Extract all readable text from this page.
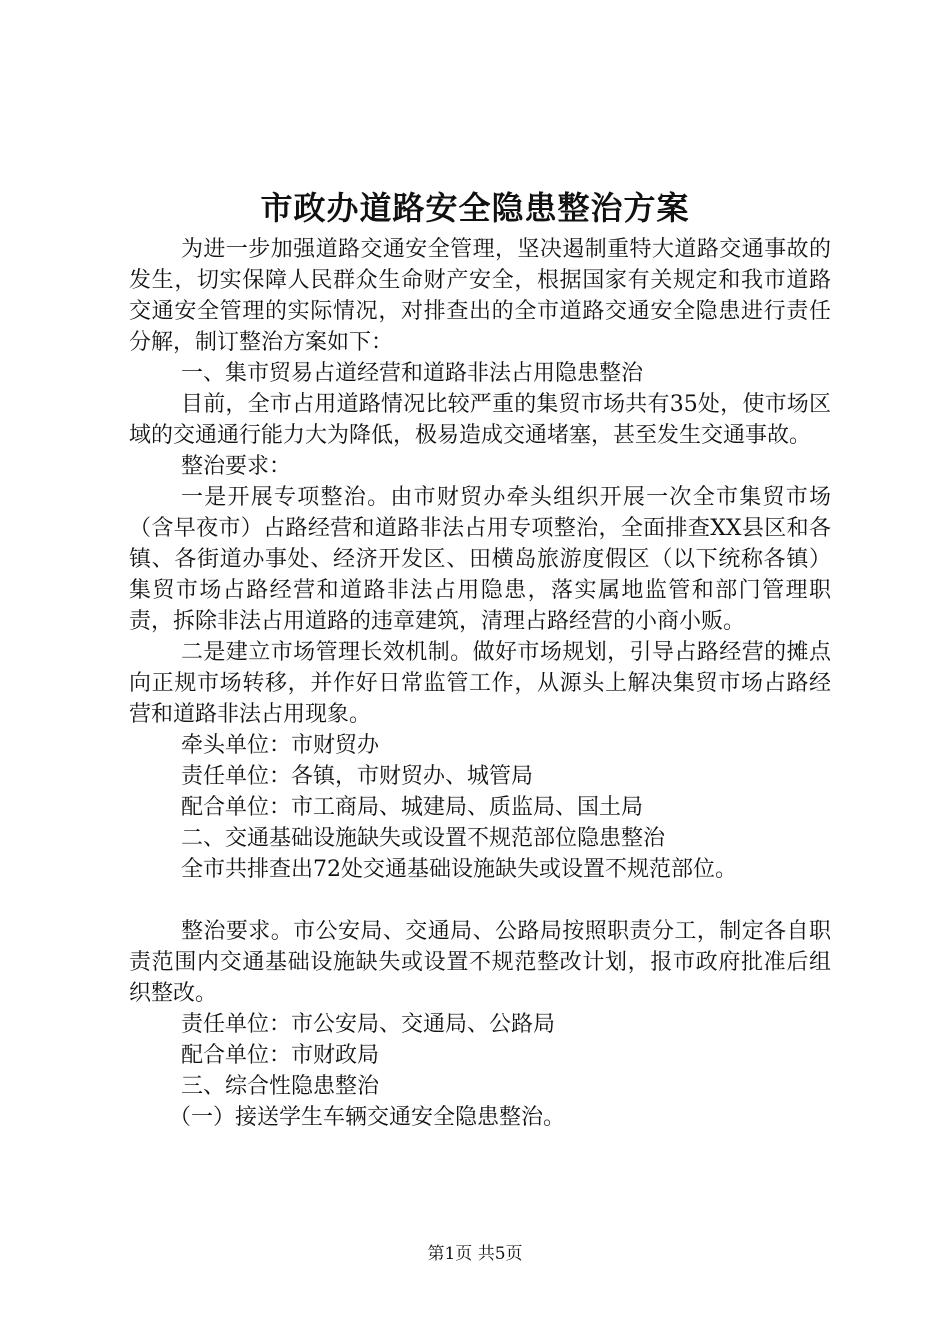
市政办道路安全隐患整治方案

为进一步加强道路交通安全管理，坚决遏制重特大道路交通事故的发生，切实保障人民群众生命财产安全，根据国家有关规定和我市道路交通安全管理的实际情况，对排查出的全市道路交通安全隐患进行责任分解，制订整治方案如下：

一、集市贸易占道经营和道路非法占用隐患整治

目前，全市占用道路情况比较严重的集贸市场共有35处，使市场区域的交通通行能力大为降低，极易造成交通堵塞，甚至发生交通事故。

整治要求：

一是开展专项整治。由市财贸办牵头组织开展一次全市集贸市场（含早夜市）占路经营和道路非法占用专项整治，全面排查XX县区和各镇、各街道办事处、经济开发区、田横岛旅游度假区（以下统称各镇）集贸市场占路经营和道路非法占用隐患，落实属地监管和部门管理职责，拆除非法占用道路的违章建筑，清理占路经营的小商小贩。

二是建立市场管理长效机制。做好市场规划，引导占路经营的摊点向正规市场转移，并作好日常监管工作，从源头上解决集贸市场占路经营和道路非法占用现象。

牵头单位：市财贸办

责任单位：各镇，市财贸办、城管局

配合单位：市工商局、城建局、质监局、国土局

二、交通基础设施缺失或设置不规范部位隐患整治

全市共排查出72处交通基础设施缺失或设置不规范部位。

整治要求。市公安局、交通局、公路局按照职责分工，制定各自职责范围内交通基础设施缺失或设置不规范整改计划，报市政府批准后组织整改。

责任单位：市公安局、交通局、公路局

配合单位：市财政局

三、综合性隐患整治

（一）接送学生车辆交通安全隐患整治。

第1页 共5页
